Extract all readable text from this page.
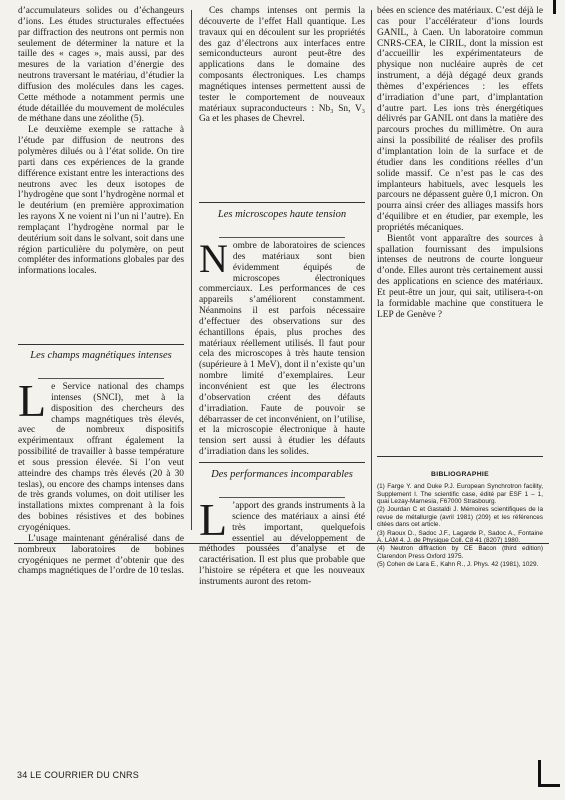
d’accumulateurs solides ou d’échangeurs d’ions. Les études structurales effectuées par diffraction des neutrons ont permis non seulement de déterminer la nature et la taille des « cages », mais aussi, par des mesures de la variation d’énergie des neutrons traversant le matériau, d’étudier la diffusion des molécules dans les cages. Cette méthode a notamment permis une étude détaillée du mouvement de molécules de méthane dans une zéolithe (5).

Le deuxième exemple se rattache à l’étude par diffusion de neutrons des polymères dilués ou à l’état solide. On tire parti dans ces expériences de la grande différence existant entre les interactions des neutrons avec les deux isotopes de l’hydrogène que sont l’hydrogène normal et le deutérium (en première approximation les rayons X ne voient ni l’un ni l’autre). En remplaçant l’hydrogène normal par le deutérium soit dans le solvant, soit dans une région particulière du polymère, on peut compléter des informations globales par des informations locales.

Les champs magnétiques intenses
L e Service national des champs intenses (SNCI), met à la disposition des chercheurs des champs magnétiques très élevés, avec de nombreux dispositifs expérimentaux offrant également la possibilité de travailler à basse température et sous pression élevée. Si l’on veut atteindre des champs très élevés (20 à 30 teslas), ou encore des champs intenses dans de très grands volumes, on doit utiliser les installations mixtes comprenant à la fois des bobines résistives et des bobines cryogéniques.

L’usage maintenant généralisé dans de nombreux laboratoires de bobines cryogéniques ne permet d’obtenir que des champs magnétiques de l’ordre de 10 teslas.

Ces champs intenses ont permis la découverte de l’effet Hall quantique. Les travaux qui en découlent sur les propriétés des gaz d’électrons aux interfaces entre semiconducteurs auront peut-être des applications dans le domaine des composants électroniques. Les champs magnétiques intenses permettent aussi de tester le comportement de nouveaux matériaux supraconducteurs : Nb₃ Sn, V₃ Ga et les phases de Chevrel.

Les microscopes haute tension
N ombre de laboratoires de sciences des matériaux sont bien évidemment équipés de microscopes électroniques commerciaux. Les performances de ces appareils s’améliorent constamment. Néanmoins il est parfois nécessaire d’effectuer des observations sur des échantillons épais, plus proches des matériaux réellement utilisés. Il faut pour cela des microscopes à très haute tension (supérieure à 1 MeV), dont il n’existe qu’un nombre limité d’exemplaires. Leur inconvénient est que les électrons d’observation créent des défauts d’irradiation. Faute de pouvoir se débarrasser de cet inconvénient, on l’utilise, et la microscopie électronique à haute tension sert aussi à étudier les défauts d’irradiation dans les solides.

Des performances incomparables
L ’apport des grands instruments à la science des matériaux a ainsi été très important, quelquefois essentiel au développement de méthodes poussées d’analyse et de caractérisation. Il est plus que probable que l’histoire se répétera et que les nouveaux instruments auront des retom-

bées en science des matériaux. C’est déjà le cas pour l’accélérateur d’ions lourds GANIL, à Caen. Un laboratoire commun CNRS-CEA, le CIRIL, dont la mission est d’accueillir les expérimentateurs de physique non nucléaire auprès de cet instrument, a déjà dégagé deux grands thèmes d’expériences : les effets d’irradiation d’une part, d’implantation d’autre part. Les ions très énergétiques délivrés par GANIL ont dans la matière des parcours proches du millimètre. On aura ainsi la possibilité de réaliser des profils d’implantation loin de la surface et de étudier dans les conditions réelles d’un solide massif. Ce n’est pas le cas des implanteurs habituels, avec lesquels les parcours ne dépassent guère 0,1 micron. On pourra ainsi créer des alliages massifs hors d’équilibre et en étudier, par exemple, les propriétés mécaniques.

Bientôt vont apparaître des sources à spallation fournissant des impulsions intenses de neutrons de courte longueur d’onde. Elles auront très certainement aussi des applications en science des matériaux. Et peut-être un jour, qui sait, utilisera-t-on la formidable machine que constituera le LEP de Genève ?

BIBLIOGRAPHIE
(1) Farge Y. and Duke P.J. European Synchrotron facility, Supplement I. The scientific case, édité par ESF 1 – 1, quai Lezay-Marnesia, F67000 Strasbourg.
(2) Jourdan C et Gastaldi J. Mémoires scientifiques de la revue de métallurgie (avril 1981) (209) et les références citées dans cet article.
(3) Raoux D., Sadoc J.F., Lagarde P., Sadoc A., Fontaine A. LAM 4. J. de Physique Coll. C8 41 (8207) 1980.
(4) Neutron diffraction by CE Bacon (third edition) Clarendon Press Oxford 1975.
(5) Cohen de Lara E., Kahn R., J. Phys. 42 (1981), 1029.
34 LE COURRIER DU CNRS
